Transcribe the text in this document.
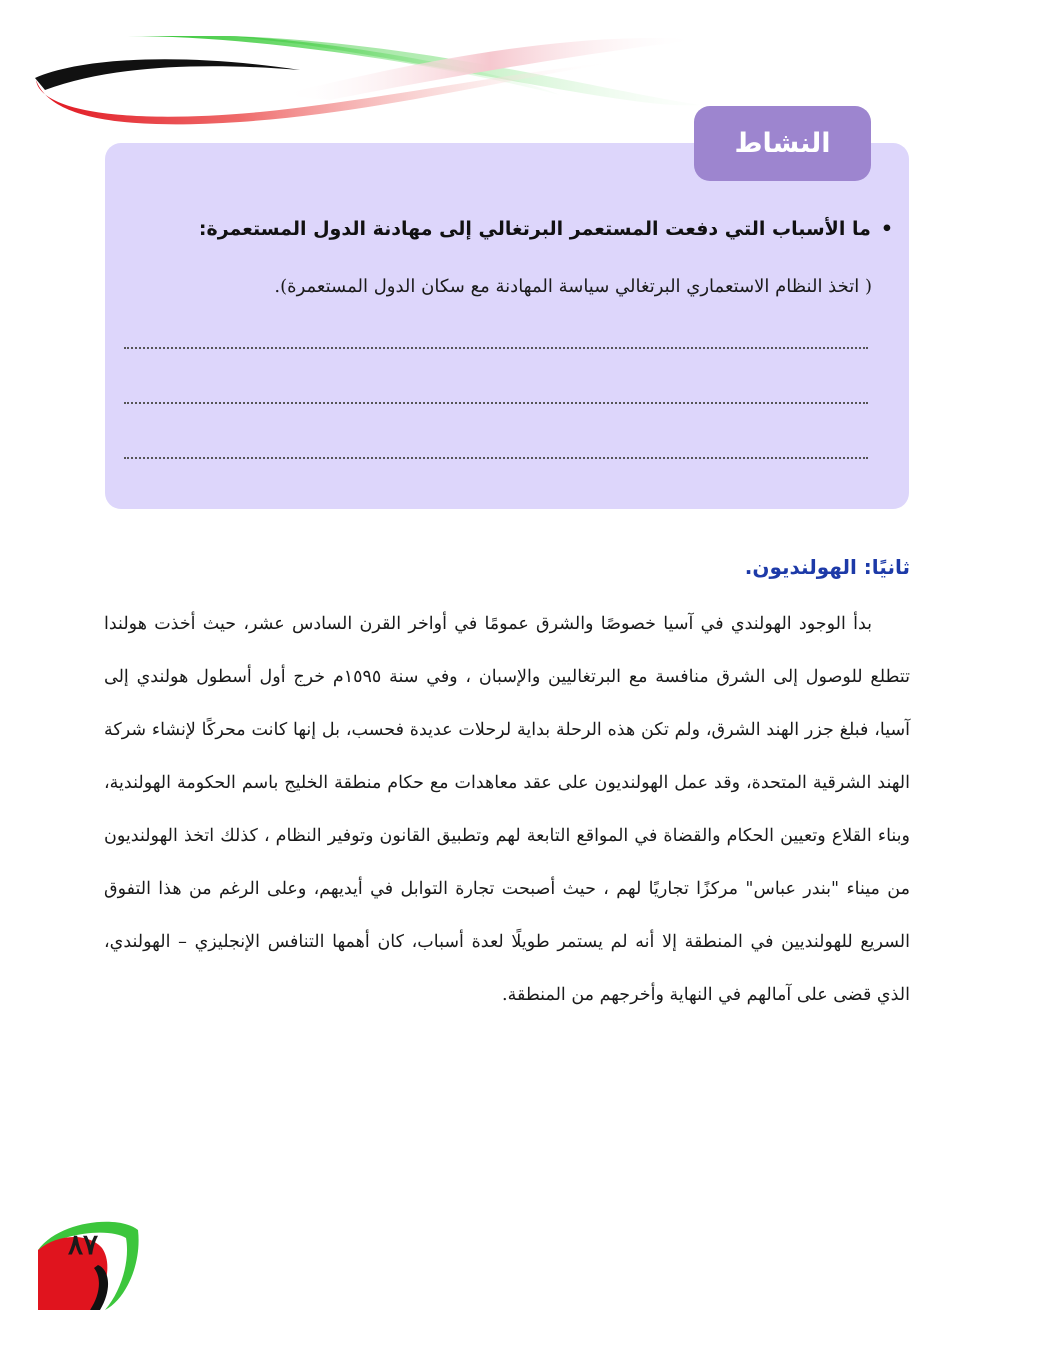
النشاط
•ما الأسباب التي دفعت المستعمر البرتغالي إلى مهادنة الدول المستعمرة:
( اتخذ النظام الاستعماري البرتغالي سياسة المهادنة مع سكان الدول المستعمرة).
ثانيًا: الهولنديون.
بدأ الوجود الهولندي في آسيا خصوصًا والشرق عمومًا في أواخر القرن السادس عشر، حيث أخذت هولندا تتطلع للوصول إلى الشرق منافسة مع البرتغاليين والإسبان ، وفي سنة ١٥٩٥م خرج أول أسطول هولندي إلى آسيا، فبلغ جزر الهند الشرق، ولم تكن هذه الرحلة بداية لرحلات عديدة فحسب، بل إنها كانت محركًا لإنشاء شركة الهند الشرقية المتحدة، وقد عمل الهولنديون على عقد معاهدات مع حكام منطقة الخليج باسم الحكومة الهولندية، وبناء القلاع وتعيين الحكام والقضاة في المواقع التابعة لهم وتطبيق القانون وتوفير النظام ، كذلك اتخذ الهولنديون من ميناء "بندر عباس" مركزًا تجاريًا لهم ، حيث أصبحت تجارة التوابل في أيديهم، وعلى الرغم من هذا التفوق السريع للهولنديين في المنطقة إلا أنه لم يستمر طويلًا لعدة أسباب، كان أهمها التنافس الإنجليزي – الهولندي، الذي قضى على آمالهم في النهاية وأخرجهم من المنطقة.
٨٧
